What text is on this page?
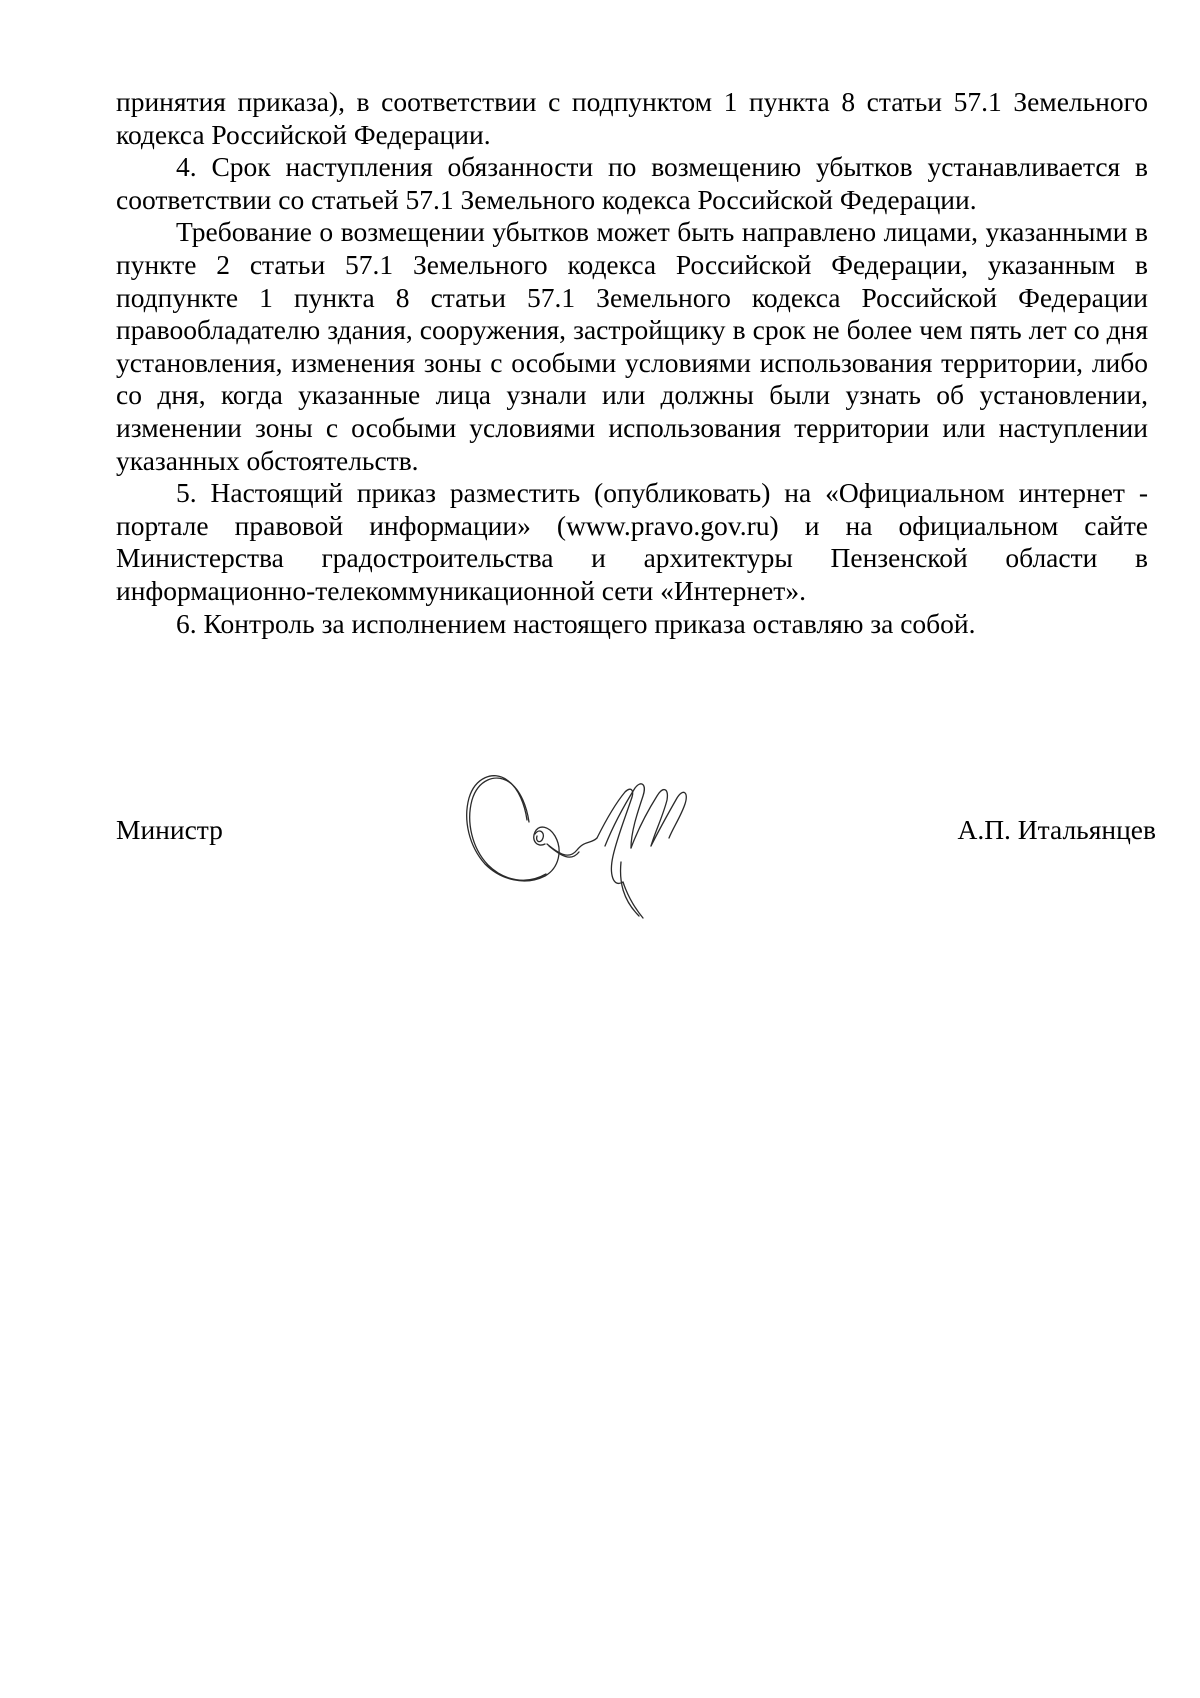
принятия приказа), в соответствии с подпунктом 1 пункта 8 статьи 57.1 Земельного кодекса Российской Федерации.

4. Срок наступления обязанности по возмещению убытков устанавливается в соответствии со статьей 57.1 Земельного кодекса Российской Федерации.

Требование о возмещении убытков может быть направлено лицами, указанными в пункте 2 статьи 57.1 Земельного кодекса Российской Федерации, указанным в подпункте 1 пункта 8 статьи 57.1 Земельного кодекса Российской Федерации правообладателю здания, сооружения, застройщику в срок не более чем пять лет со дня установления, изменения зоны с особыми условиями использования территории, либо со дня, когда указанные лица узнали или должны были узнать об установлении, изменении зоны с особыми условиями использования территории или наступлении указанных обстоятельств.

5. Настоящий приказ разместить (опубликовать) на «Официальном интернет - портале правовой информации» (www.pravo.gov.ru) и на официальном сайте Министерства градостроительства и архитектуры Пензенской области в информационно-телекоммуникационной сети «Интернет».

6. Контроль за исполнением настоящего приказа оставляю за собой.

Министр	А.П. Итальянцев
